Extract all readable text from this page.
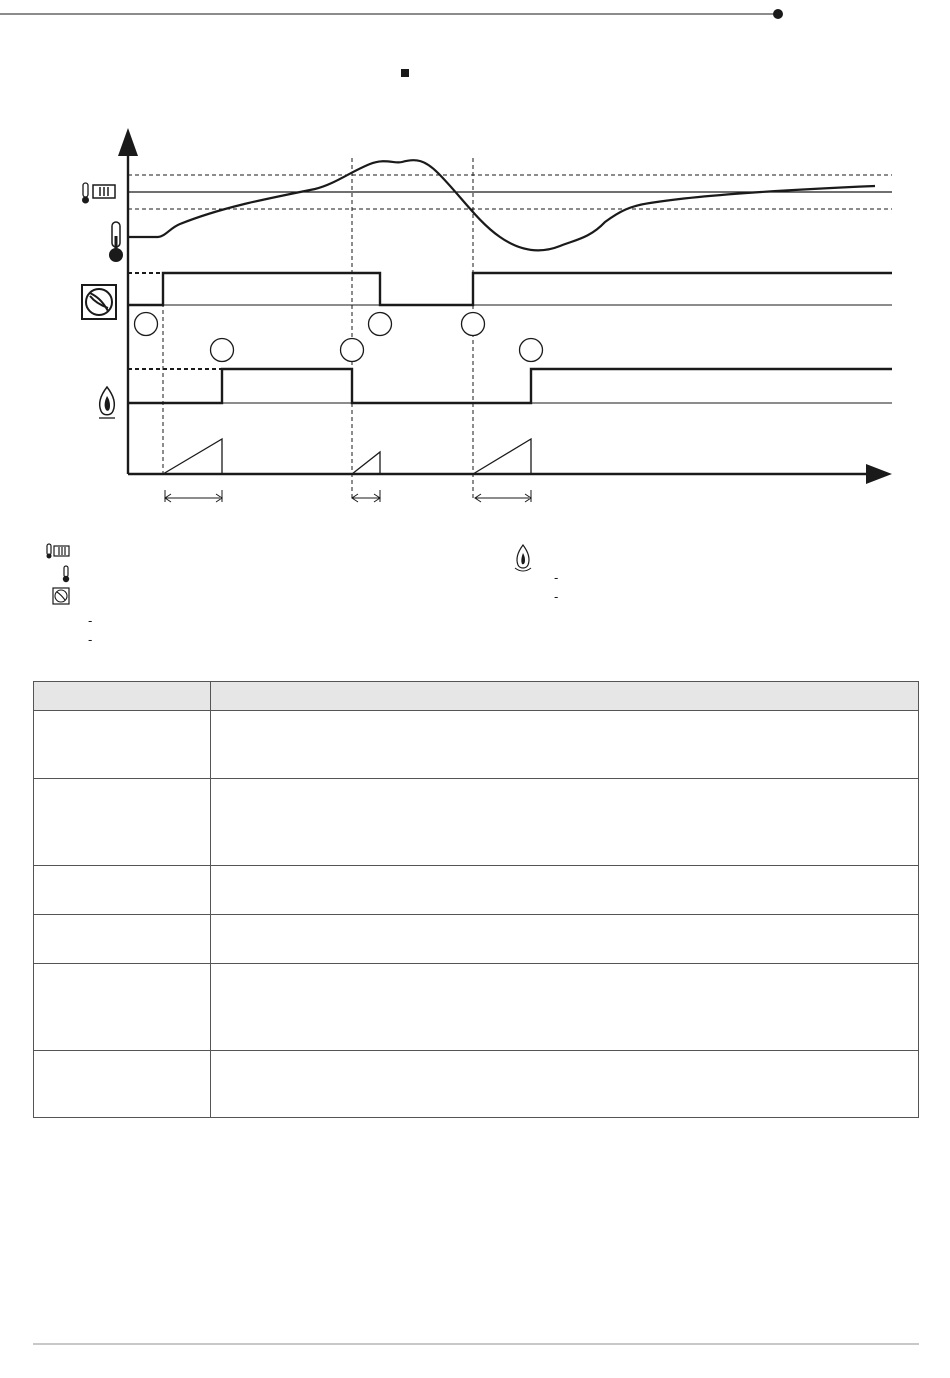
-
-
-
-
